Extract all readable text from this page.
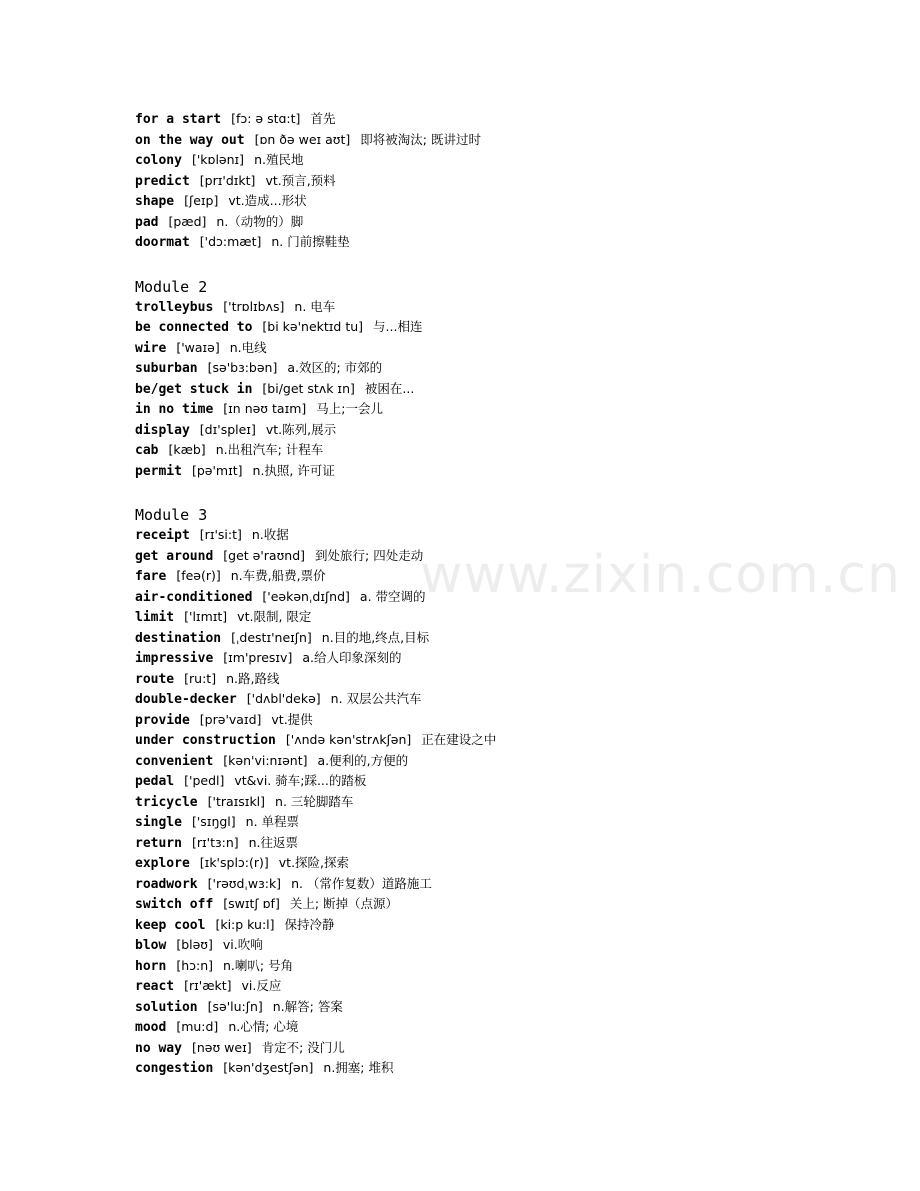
for a start [fɔ: ə stɑ:t] 首先
on the way out [ɒn ðə weɪ aʊt] 即将被淘汰; 既讲过时
colony ['kɒlənɪ] n.殖民地
predict [prɪ'dɪkt] vt.预言,预料
shape [ʃeɪp] vt.造成...形状
pad [pæd] n.（动物的）脚
doormat ['dɔ:mæt] n. 门前擦鞋垫
Module 2
trolleybus ['trɒlɪbʌs] n. 电车
be connected to [bi kə'nektɪd tu] 与...相连
wire ['waɪə] n.电线
suburban [sə'bɜ:bən] a.效区的; 市郊的
be/get stuck in [bi/get stʌk ɪn] 被困在...
in no time [ɪn nəʊ taɪm] 马上;一会儿
display [dɪ'spleɪ] vt.陈列,展示
cab [kæb] n.出租汽车; 计程车
permit [pə'mɪt] n.执照, 许可证
Module 3
receipt [rɪ'si:t] n.收据
get around [get ə'raʊnd] 到处旅行; 四处走动
fare [feə(r)] n.车费,船费,票价
air-conditioned ['eəkənˌdɪʃnd] a. 带空调的
limit ['lɪmɪt] vt.限制, 限定
destination [ˌdestɪ'neɪʃn] n.目的地,终点,目标
impressive [ɪm'presɪv] a.给人印象深刻的
route [ru:t] n.路,路线
double-decker ['dʌbl'dekə] n. 双层公共汽车
provide [prə'vaɪd] vt.提供
under construction ['ʌndə kən'strʌkʃən] 正在建设之中
convenient [kən'vi:nɪənt] a.便利的,方便的
pedal ['pedl] vt&vi. 骑车;踩...的踏板
tricycle ['traɪsɪkl] n. 三轮脚踏车
single ['sɪŋgl] n. 单程票
return [rɪ'tɜ:n] n.往返票
explore [ɪk'splɔ:(r)] vt.探险,探索
roadwork ['rəʊdˌwɜ:k] n. （常作复数）道路施工
switch off [swɪtʃ ɒf] 关上; 断掉（点源）
keep cool [ki:p ku:l] 保持冷静
blow [bləʊ] vi.吹响
horn [hɔ:n] n.喇叭; 号角
react [rɪ'ækt] vi.反应
solution [sə'lu:ʃn] n.解答; 答案
mood [mu:d] n.心情; 心境
no way [nəʊ weɪ] 肯定不; 没门儿
congestion [kən'dʒestʃən] n.拥塞; 堆积
www.zixin.com.cn
